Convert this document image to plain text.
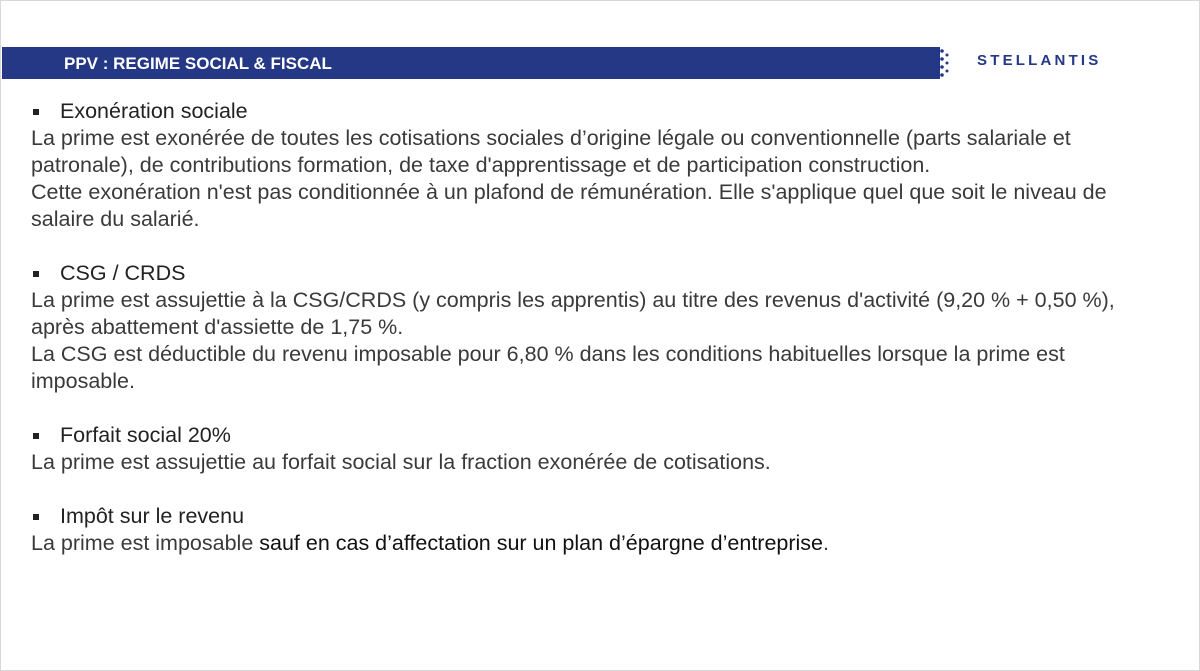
PPV : REGIME SOCIAL & FISCAL	STELLANTIS
Exonération sociale
La prime est exonérée de toutes les cotisations sociales d’origine légale ou conventionnelle (parts salariale et patronale), de contributions formation, de taxe d'apprentissage et de participation construction.
Cette exonération n'est pas conditionnée à un plafond de rémunération. Elle s'applique quel que soit le niveau de salaire du salarié.
CSG / CRDS
La prime est assujettie à la CSG/CRDS (y compris les apprentis) au titre des revenus d'activité (9,20 % + 0,50 %), après abattement d'assiette de 1,75 %.
La CSG est déductible du revenu imposable pour 6,80 % dans les conditions habituelles lorsque la prime est imposable.
Forfait social 20%
La prime est assujettie au forfait social sur la fraction exonérée de cotisations.
Impôt sur le revenu
La prime est imposable sauf en cas d’affectation sur un plan d’épargne d’entreprise.
